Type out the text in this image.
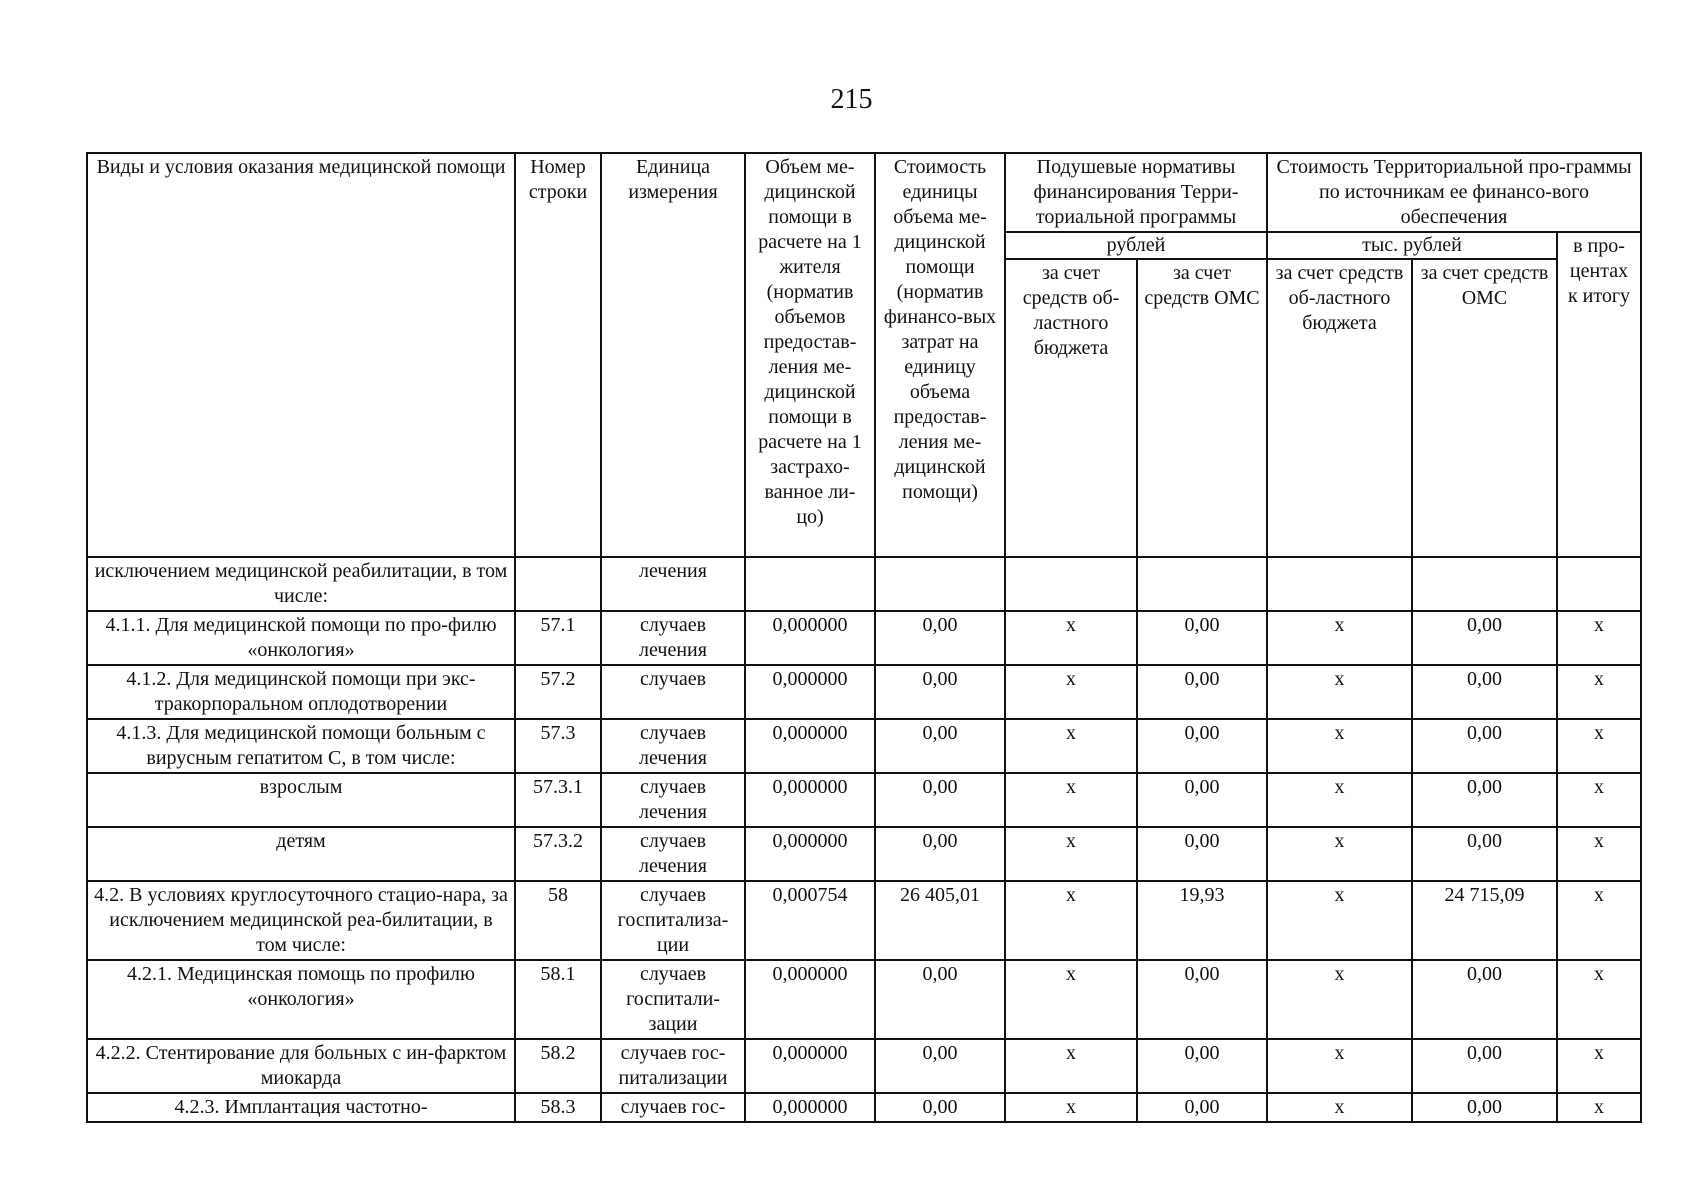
215
Виды и условия оказания медицинской помощи	Номер строки	Единица измерения	Объем ме-дицинской помощи в расчете на 1 жителя (норматив объемов предостав-ления ме-дицинской помощи в расчете на 1 застрахо-ванное ли-цо)	Стоимость единицы объема ме-дицинской помощи (норматив финансо-вых затрат на единицу объема предостав-ления ме-дицинской помощи)	Подушевые нормативы финансирования Терри-ториальной программы		Стоимость Территориальной про-граммы по источникам ее финансо-вого обеспечения		
					рублей		тыс. рублей		в про-центах к итогу
					за счет средств об-ластного бюджета	за счет средств ОМС	за счет средств об-ластного бюджета	за счет средств ОМС	
исключением медицинской реабилитации, в том числе:		лечения							
4.1.1. Для медицинской помощи по про-филю «онкология»	57.1	случаев лечения	0,000000	0,00	х	0,00	х	0,00	х
4.1.2. Для медицинской помощи при экс-тракорпоральном оплодотворении	57.2	случаев	0,000000	0,00	х	0,00	х	0,00	х
4.1.3. Для медицинской помощи больным с вирусным гепатитом С, в том числе:	57.3	случаев лечения	0,000000	0,00	х	0,00	х	0,00	х
взрослым	57.3.1	случаев лечения	0,000000	0,00	х	0,00	х	0,00	х
детям	57.3.2	случаев лечения	0,000000	0,00	х	0,00	х	0,00	х
4.2. В условиях круглосуточного стацио-нара, за исключением медицинской реа-билитации, в том числе:	58	случаев госпитализа-ции	0,000754	26 405,01	х	19,93	х	24 715,09	х
4.2.1. Медицинская помощь по профилю «онкология»	58.1	случаев госпитали-зации	0,000000	0,00	х	0,00	х	0,00	х
4.2.2. Стентирование для больных с ин-фарктом миокарда	58.2	случаев гос-питализации	0,000000	0,00	х	0,00	х	0,00	х
4.2.3. Имплантация частотно-	58.3	случаев гос-	0,000000	0,00	х	0,00	х	0,00	х
